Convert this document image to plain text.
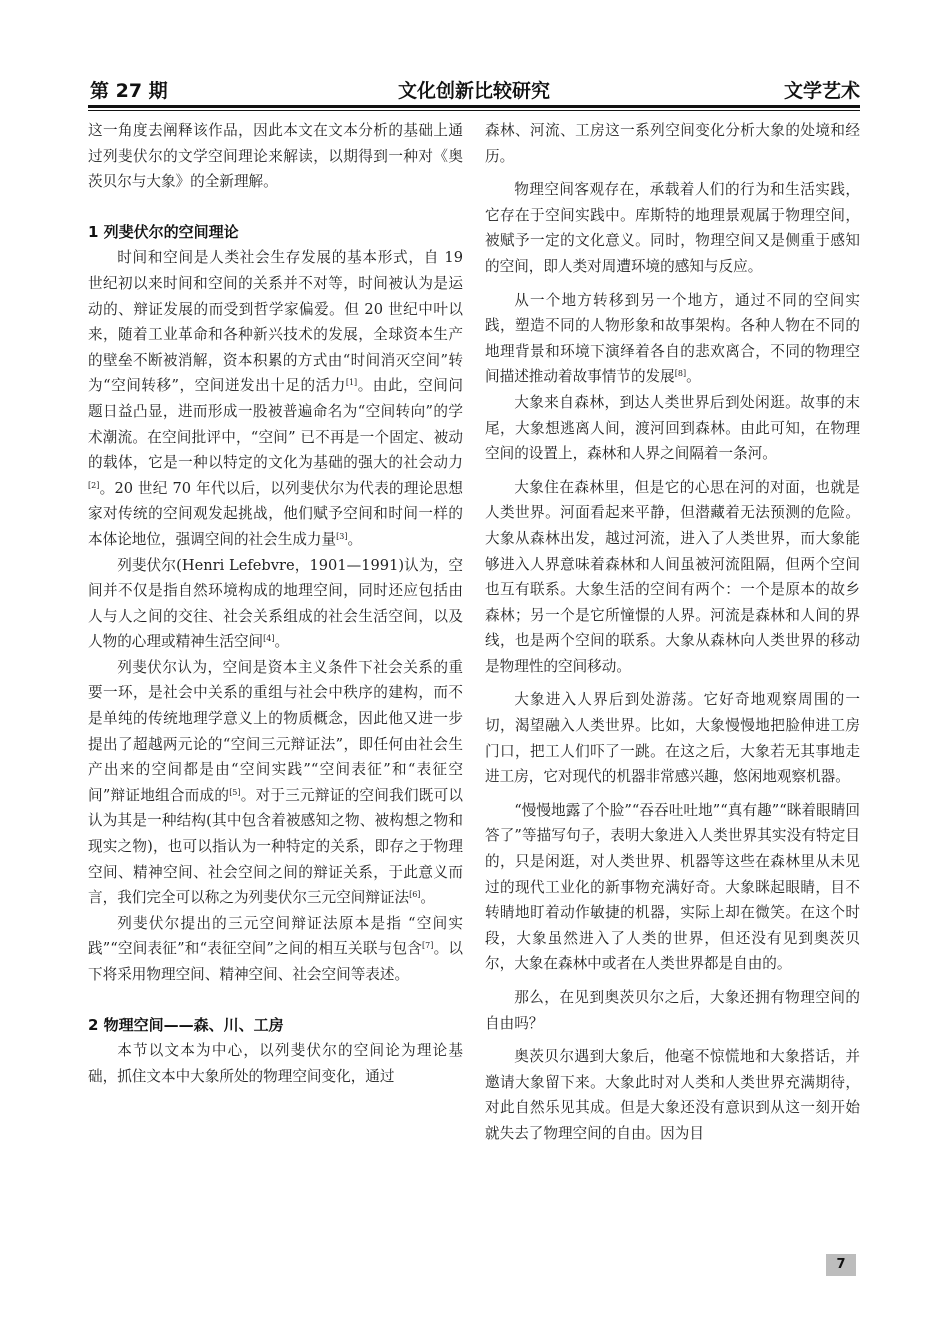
第 27 期	文化创新比较研究	文学艺术

这一角度去阐释该作品，因此本文在文本分析的基础上通过列斐伏尔的文学空间理论来解读，以期得到一种对《奥茨贝尔与大象》的全新理解。

1 列斐伏尔的空间理论

时间和空间是人类社会生存发展的基本形式，自 19 世纪初以来时间和空间的关系并不对等，时间被认为是运动的、辩证发展的而受到哲学家偏爱。但 20 世纪中叶以来，随着工业革命和各种新兴技术的发展，全球资本生产的壁垒不断被消解，资本积累的方式由“时间消灭空间”转为“空间转移”，空间迸发出十足的活力[1]。由此，空间问题日益凸显，进而形成一股被普遍命名为“空间转向”的学术潮流。在空间批评中，“空间” 已不再是一个固定、被动的载体，它是一种以特定的文化为基础的强大的社会动力[2]。20 世纪 70 年代以后，以列斐伏尔为代表的理论思想家对传统的空间观发起挑战，他们赋予空间和时间一样的本体论地位，强调空间的社会生成力量[3]。

列斐伏尔(Henri Lefebvre，1901—1991)认为，空间并不仅是指自然环境构成的地理空间，同时还应包括由人与人之间的交往、社会关系组成的社会生活空间，以及人物的心理或精神生活空间[4]。

列斐伏尔认为，空间是资本主义条件下社会关系的重要一环，是社会中关系的重组与社会中秩序的建构，而不是单纯的传统地理学意义上的物质概念，因此他又进一步提出了超越两元论的“空间三元辩证法”，即任何由社会生产出来的空间都是由“空间实践”“空间表征”和“表征空间”辩证地组合而成的[5]。对于三元辩证的空间我们既可以认为其是一种结构(其中包含着被感知之物、被构想之物和现实之物)，也可以指认为一种特定的关系，即存之于物理空间、精神空间、社会空间之间的辩证关系，于此意义而言，我们完全可以称之为列斐伏尔三元空间辩证法[6]。

列斐伏尔提出的三元空间辩证法原本是指 “空间实践”“空间表征”和“表征空间”之间的相互关联与包含[7]。以下将采用物理空间、精神空间、社会空间等表述。

2 物理空间——森、川、工房

本节以文本为中心，以列斐伏尔的空间论为理论基础，抓住文本中大象所处的物理空间变化，通过

森林、河流、工房这一系列空间变化分析大象的处境和经历。

物理空间客观存在，承载着人们的行为和生活实践，它存在于空间实践中。库斯特的地理景观属于物理空间，被赋予一定的文化意义。同时，物理空间又是侧重于感知的空间，即人类对周遭环境的感知与反应。

从一个地方转移到另一个地方，通过不同的空间实践，塑造不同的人物形象和故事架构。各种人物在不同的地理背景和环境下演绎着各自的悲欢离合，不同的物理空间描述推动着故事情节的发展[8]。

大象来自森林，到达人类世界后到处闲逛。故事的末尾，大象想逃离人间，渡河回到森林。由此可知，在物理空间的设置上，森林和人界之间隔着一条河。

大象住在森林里，但是它的心思在河的对面，也就是人类世界。河面看起来平静，但潜藏着无法预测的危险。大象从森林出发，越过河流，进入了人类世界，而大象能够进入人界意味着森林和人间虽被河流阻隔，但两个空间也互有联系。大象生活的空间有两个：一个是原本的故乡森林；另一个是它所憧憬的人界。河流是森林和人间的界线，也是两个空间的联系。大象从森林向人类世界的移动是物理性的空间移动。

大象进入人界后到处游荡。它好奇地观察周围的一切，渴望融入人类世界。比如，大象慢慢地把脸伸进工房门口，把工人们吓了一跳。在这之后，大象若无其事地走进工房，它对现代的机器非常感兴趣，悠闲地观察机器。

“慢慢地露了个脸”“吞吞吐吐地”“真有趣”“眯着眼睛回答了”等描写句子，表明大象进入人类世界其实没有特定目的，只是闲逛，对人类世界、机器等这些在森林里从未见过的现代工业化的新事物充满好奇。大象眯起眼睛，目不转睛地盯着动作敏捷的机器，实际上却在微笑。在这个时段，大象虽然进入了人类的世界，但还没有见到奥茨贝尔，大象在森林中或者在人类世界都是自由的。

那么，在见到奥茨贝尔之后，大象还拥有物理空间的自由吗？

奥茨贝尔遇到大象后，他毫不惊慌地和大象搭话，并邀请大象留下来。大象此时对人类和人类世界充满期待，对此自然乐见其成。但是大象还没有意识到从这一刻开始就失去了物理空间的自由。因为目

7
